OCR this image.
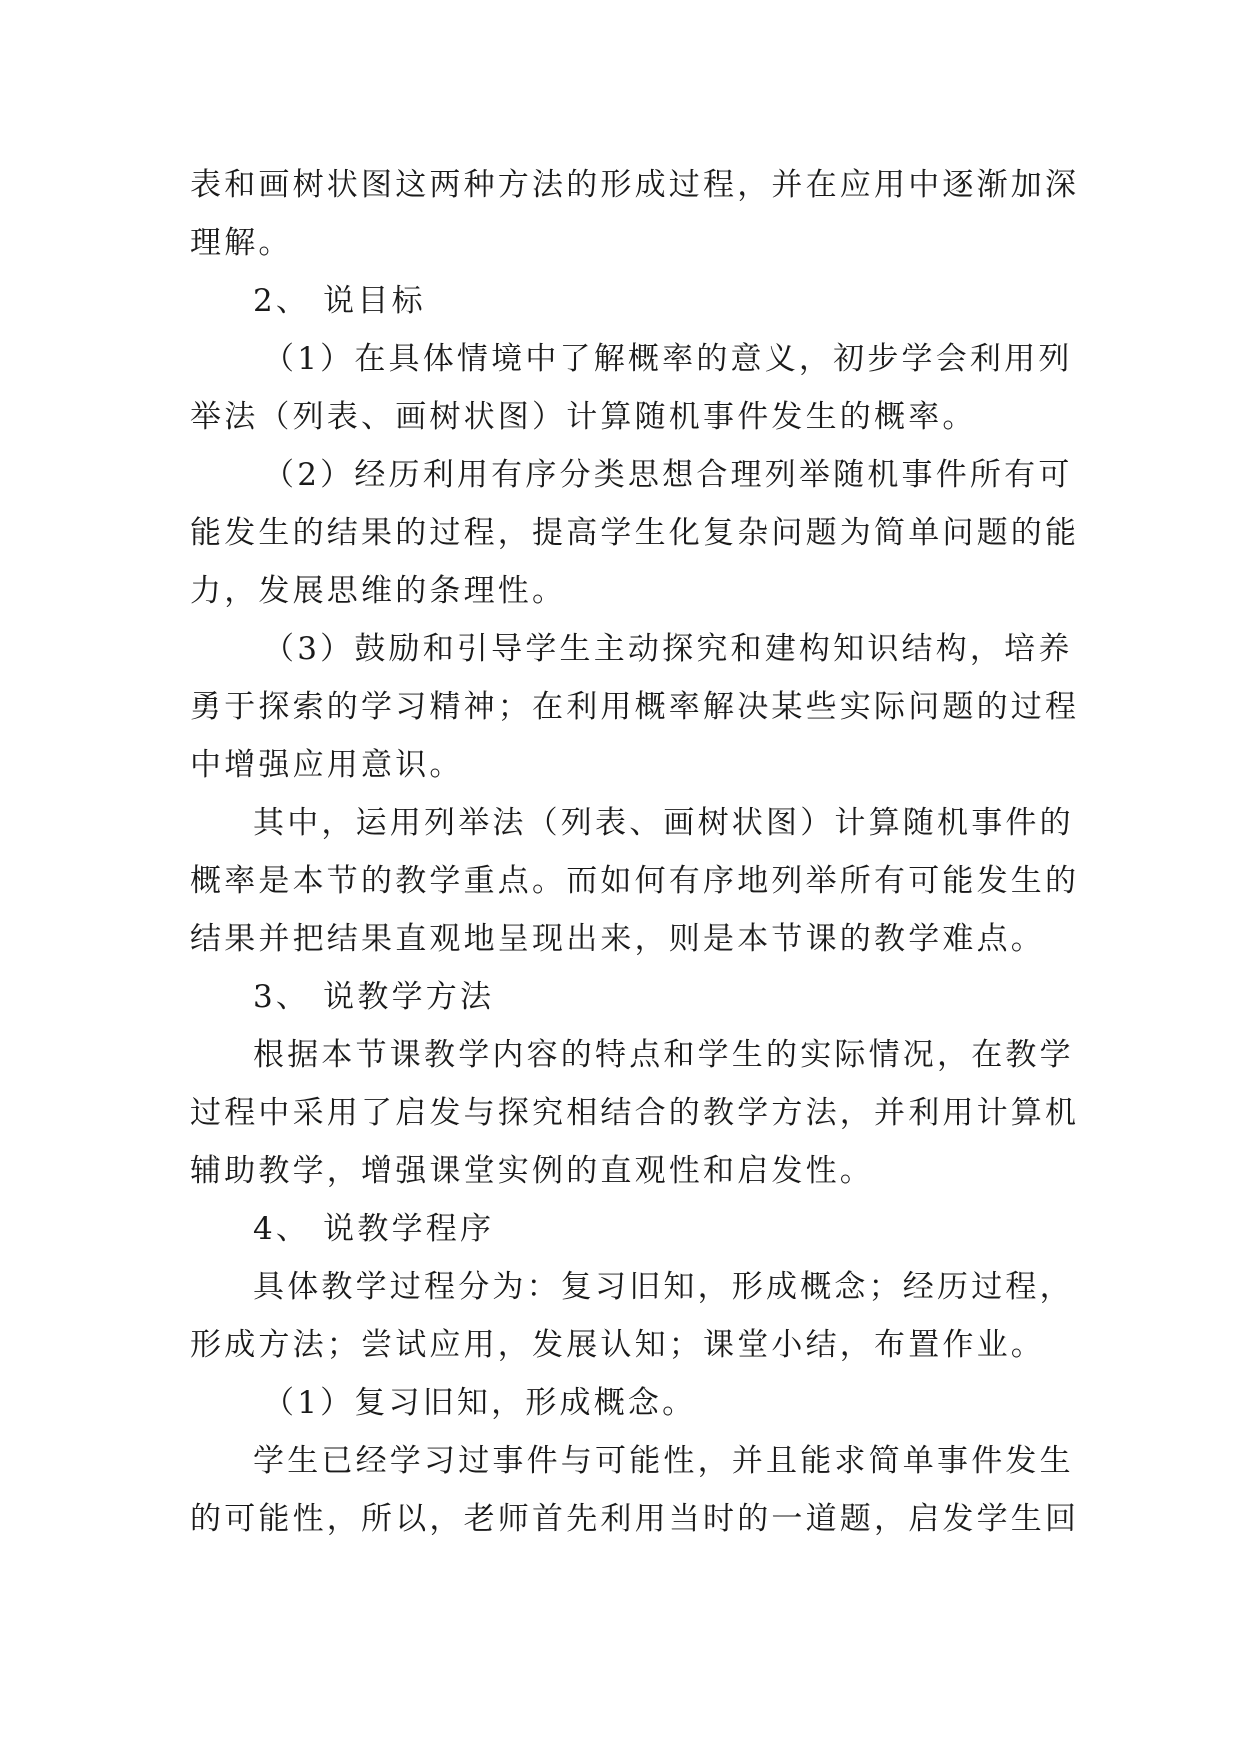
表和画树状图这两种方法的形成过程，并在应用中逐渐加深
理解。
2、 说目标
（1）在具体情境中了解概率的意义，初步学会利用列
举法（列表、画树状图）计算随机事件发生的概率。
（2）经历利用有序分类思想合理列举随机事件所有可
能发生的结果的过程，提高学生化复杂问题为简单问题的能
力，发展思维的条理性。
（3）鼓励和引导学生主动探究和建构知识结构，培养
勇于探索的学习精神；在利用概率解决某些实际问题的过程
中增强应用意识。
其中，运用列举法（列表、画树状图）计算随机事件的
概率是本节的教学重点。而如何有序地列举所有可能发生的
结果并把结果直观地呈现出来，则是本节课的教学难点。
3、 说教学方法
根据本节课教学内容的特点和学生的实际情况，在教学
过程中采用了启发与探究相结合的教学方法，并利用计算机
辅助教学，增强课堂实例的直观性和启发性。
4、 说教学程序
具体教学过程分为：复习旧知，形成概念；经历过程，
形成方法；尝试应用，发展认知；课堂小结，布置作业。
（1）复习旧知，形成概念。
学生已经学习过事件与可能性，并且能求简单事件发生
的可能性，所以，老师首先利用当时的一道题，启发学生回
